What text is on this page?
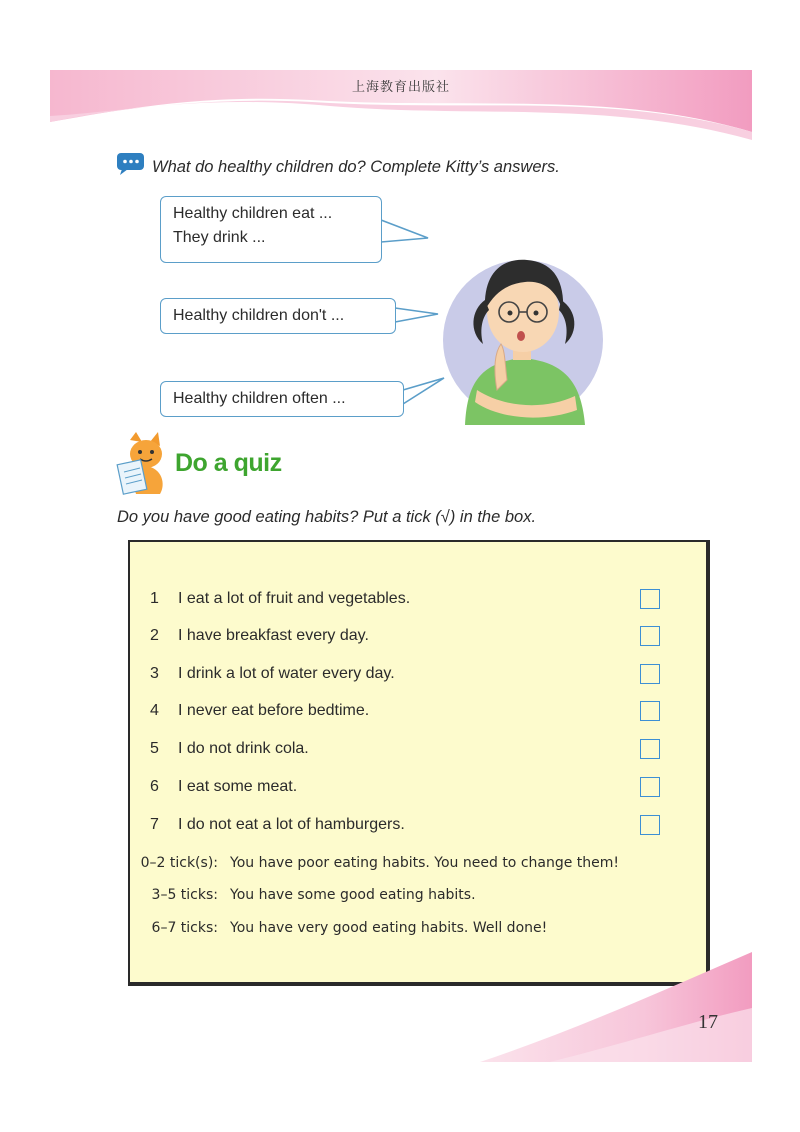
上海教育出版社
What do healthy children do? Complete Kitty’s answers.
Healthy children eat ...
They drink ...
Healthy children don't ...
Healthy children often ...
Do a quiz
Do you have good eating habits? Put a tick (√) in the box.
1 I eat a lot of fruit and vegetables.
2 I have breakfast every day.
3 I drink a lot of water every day.
4 I never eat before bedtime.
5 I do not drink cola.
6 I eat some meat.
7 I do not eat a lot of hamburgers.
0–2 tick(s): You have poor eating habits. You need to change them!
3–5 ticks: You have some good eating habits.
6–7 ticks: You have very good eating habits. Well done!
17
